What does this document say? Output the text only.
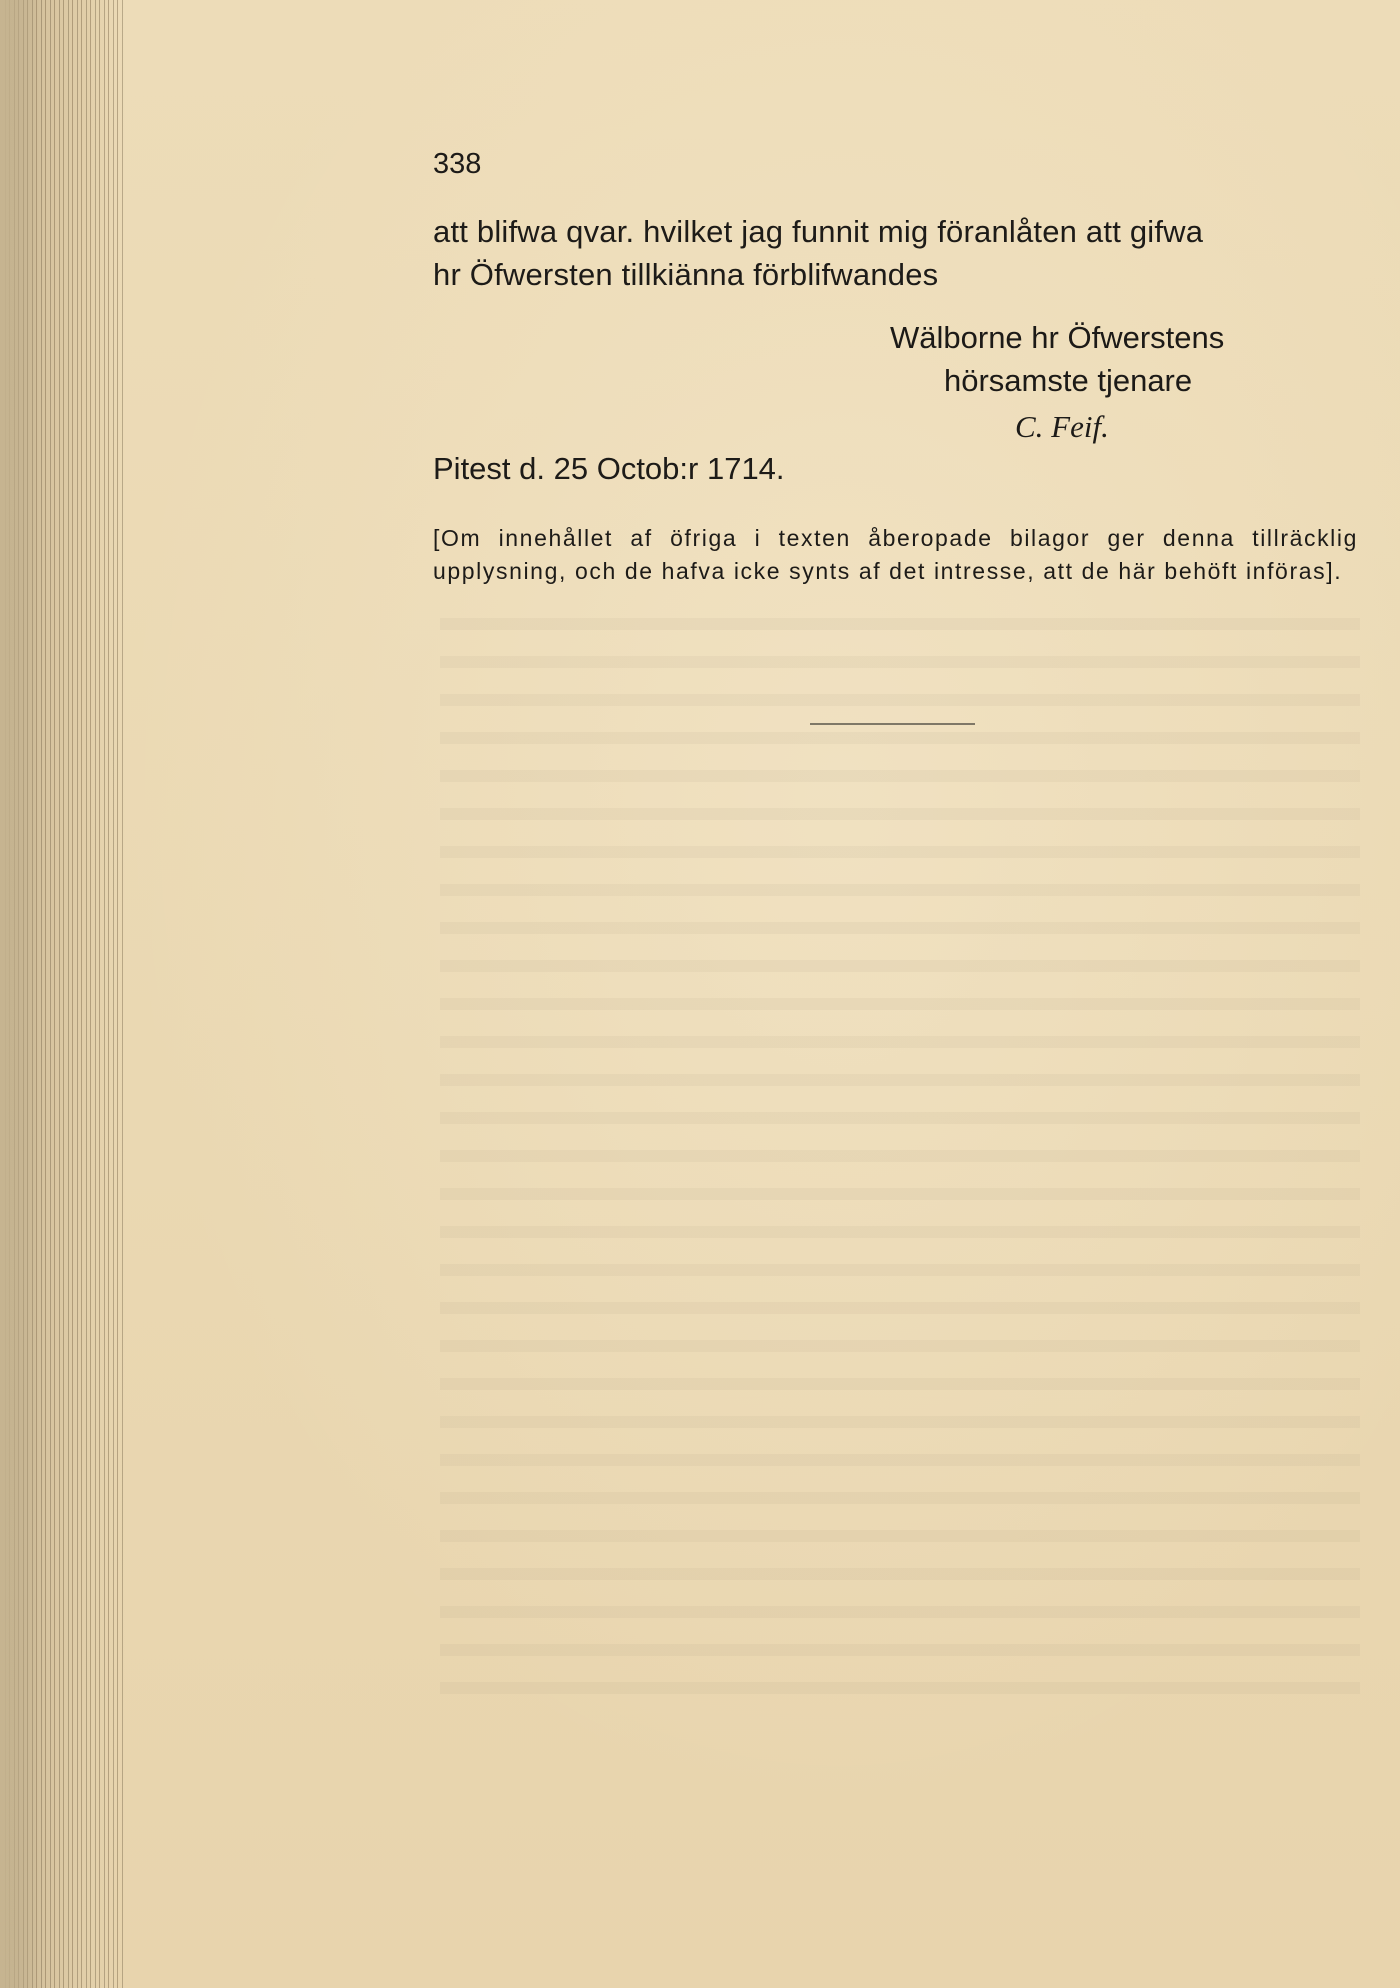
338
att blifwa qvar. hvilket jag funnit mig föranlåten att gifwa
hr Öfwersten tillkiänna förblifwandes
Wälborne hr Öfwerstens
hörsamste tjenare
C. Feif.
Pitest d. 25 Octob:r 1714.
[Om innehållet af öfriga i texten åberopade bilagor ger denna tillräcklig upplysning, och de hafva icke synts af det intresse, att de här behöft införas].
